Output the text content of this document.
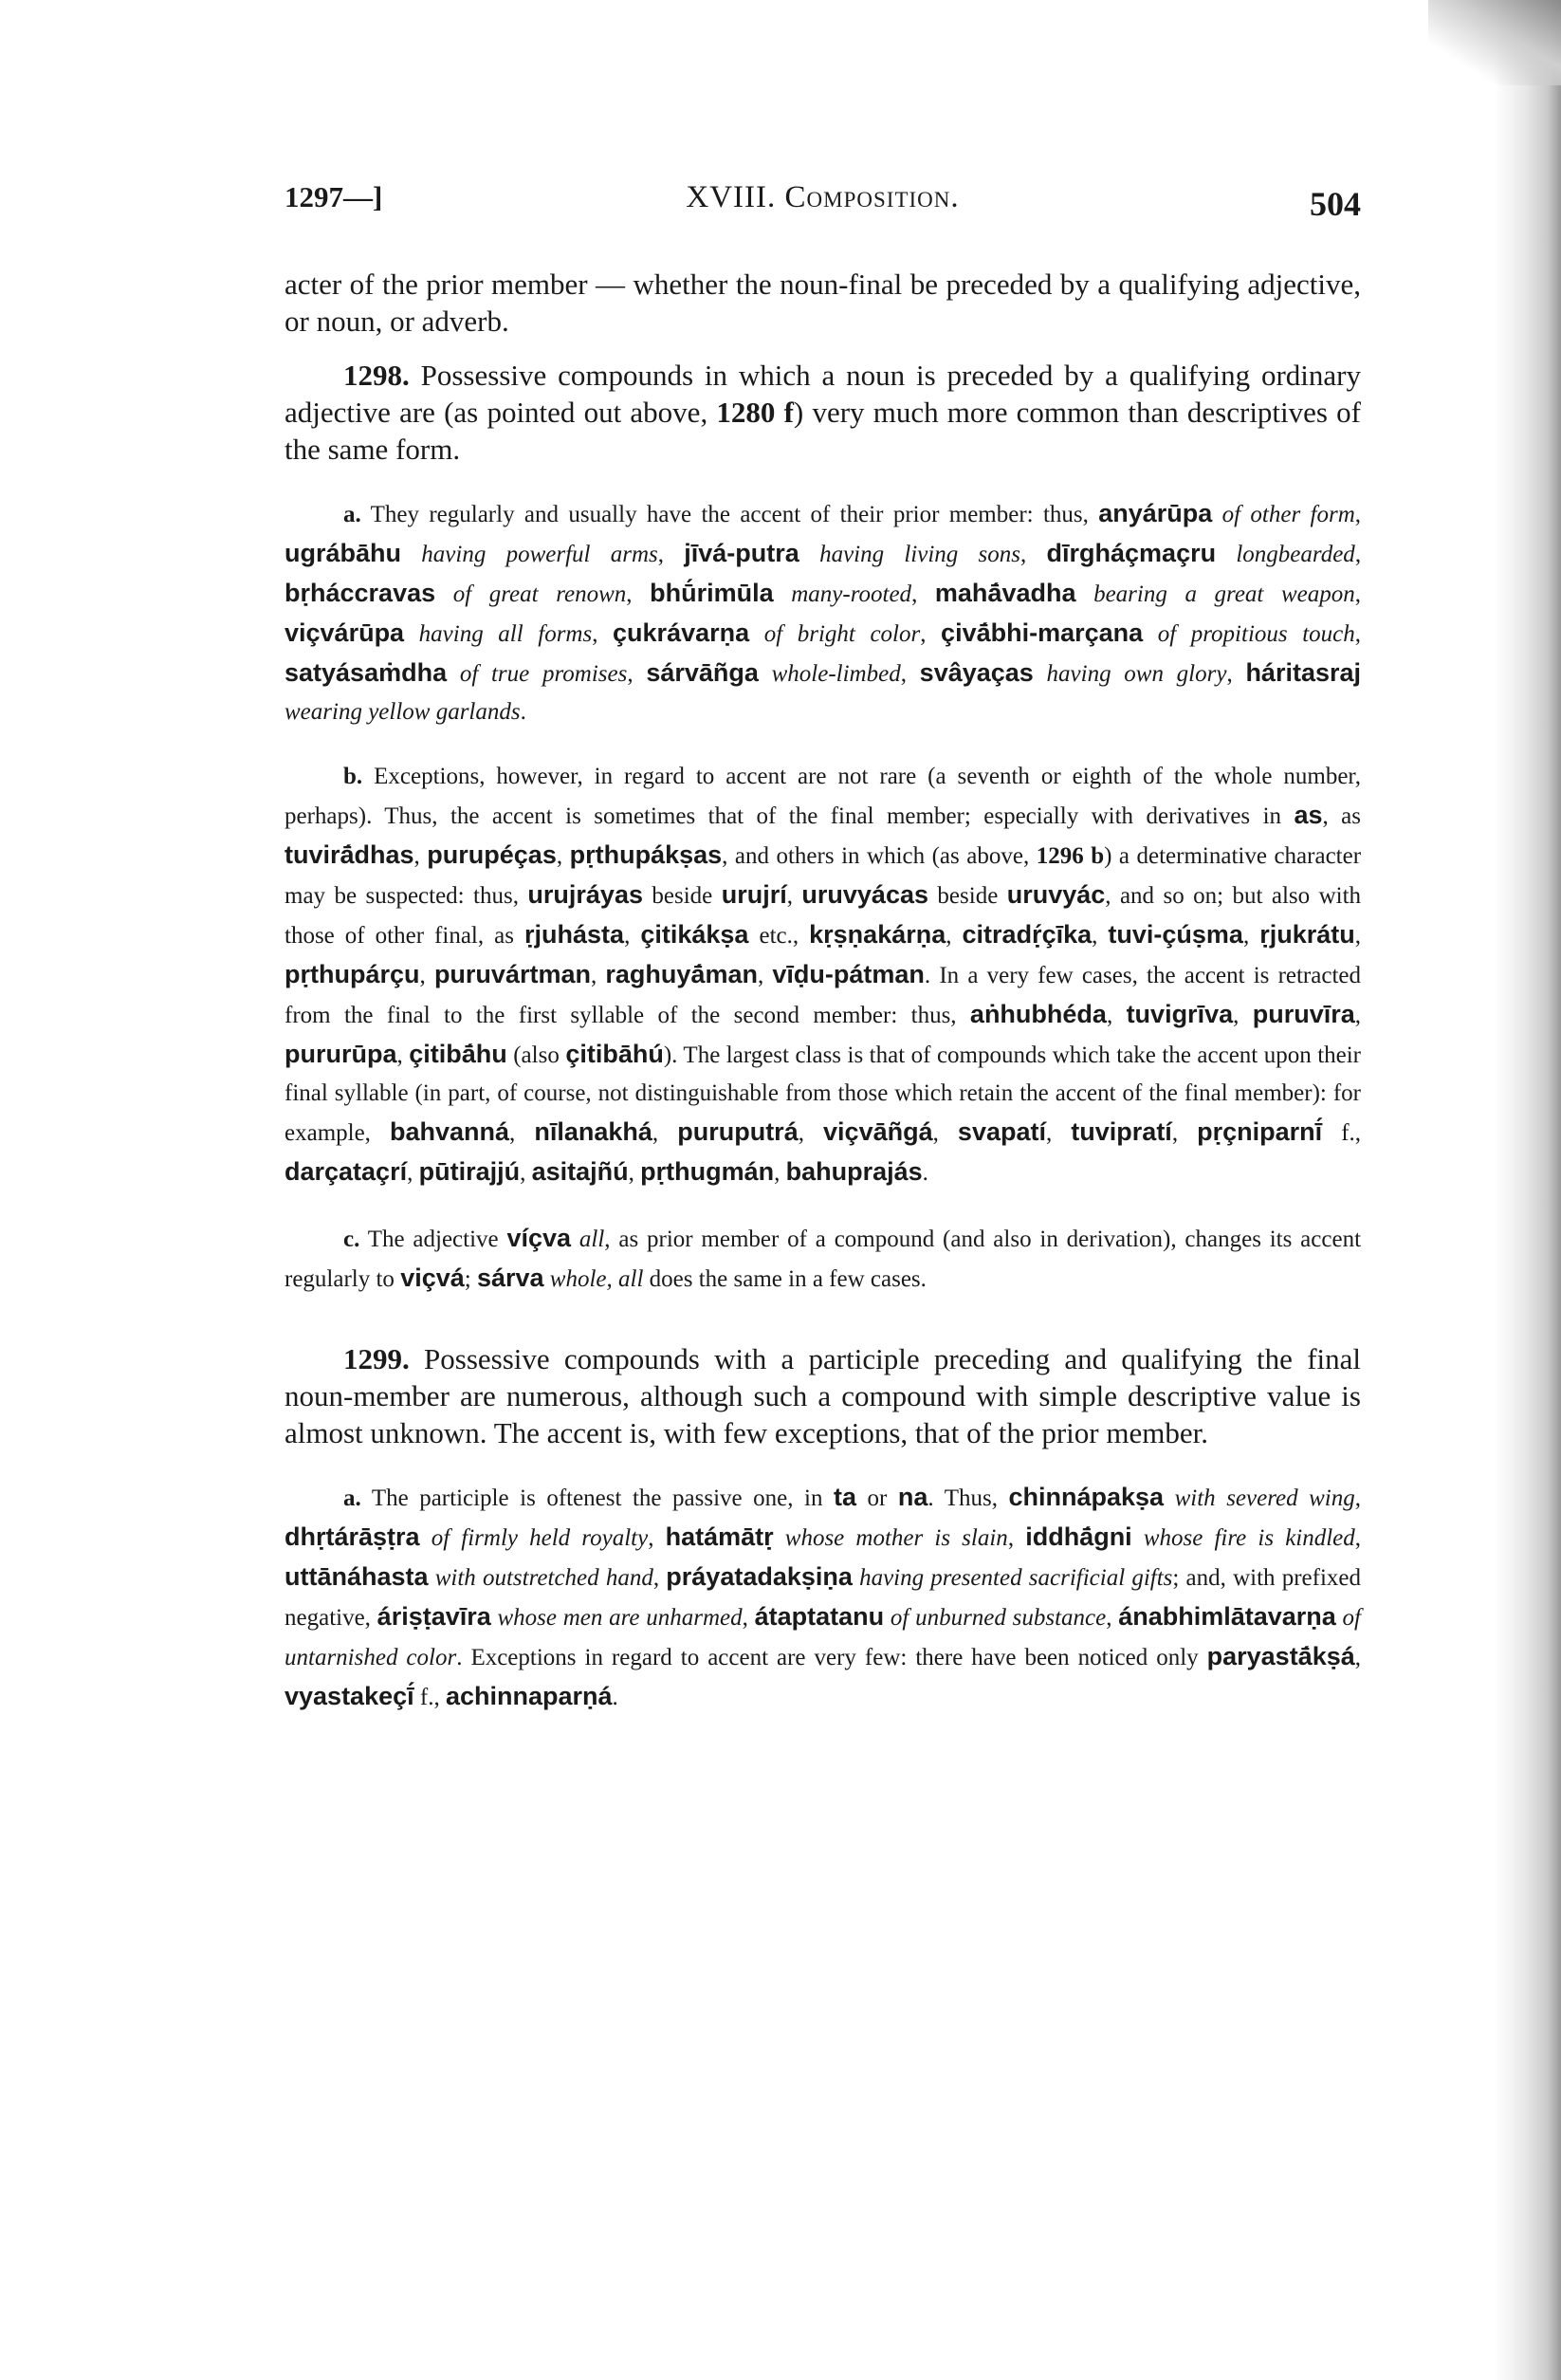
1297—]	XVIII. Composition.	504

acter of the prior member — whether the noun-final be preceded by a qualifying adjective, or noun, or adverb.

1298. Possessive compounds in which a noun is preceded by a qualifying ordinary adjective are (as pointed out above, 1280 f) very much more common than descriptives of the same form.

a. They regularly and usually have the accent of their prior member: thus, anyárūpa of other form, ugrábāhu having powerful arms, jīvá-putra having living sons, dīrgháçmaçru longbearded, bṛháccravas of great renown, bhū́rimūla many-rooted, mahā́vadha bearing a great weapon, viçvárūpa having all forms, çukrávarṇa of bright color, çivā́bhi-marçana of propitious touch, satyásaṁdha of true promises, sárvāñga whole-limbed, svâyaças having own glory, háritasraj wearing yellow garlands.

b. Exceptions, however, in regard to accent are not rare (a seventh or eighth of the whole number, perhaps). Thus, the accent is sometimes that of the final member; especially with derivatives in as, as tuvirā́dhas, purupéças, pṛthupákṣas, and others in which (as above, 1296 b) a determinative character may be suspected: thus, urujráyas beside urujrí, uruvyácas beside uruvyác, and so on; but also with those of other final, as ṛjuhásta, çitikákṣa etc., kṛṣṇakárṇa, citradṛ́çīka, tuvi-çúṣma, ṛjukrátu, pṛthupárçu, puruvártman, raghuyā́man, vīḍu-pátman. In a very few cases, the accent is retracted from the final to the first syllable of the second member: thus, aṅhubhéda, tuvigrīva, puruvīra, pururūpa, çitibā́hu (also çitibāhú). The largest class is that of compounds which take the accent upon their final syllable (in part, of course, not distinguishable from those which retain the accent of the final member): for example, bahvanná, nīlanakhá, puruputrá, viçvāñgá, svapatí, tuvipratí, pṛçniparnī́ f., darçataçrí, pūtirajjú, asitajñú, pṛthugmán, bahuprajás.

c. The adjective víçva all, as prior member of a compound (and also in derivation), changes its accent regularly to viçvá; sárva whole, all does the same in a few cases.

1299. Possessive compounds with a participle preceding and qualifying the final noun-member are numerous, although such a compound with simple descriptive value is almost unknown. The accent is, with few exceptions, that of the prior member.

a. The participle is oftenest the passive one, in ta or na. Thus, chinnápakṣa with severed wing, dhṛtárāṣṭra of firmly held royalty, hatámātṛ whose mother is slain, iddhā́gni whose fire is kindled, uttānáhasta with outstretched hand, práyatadakṣiṇa having presented sacrificial gifts; and, with prefixed negative, áriṣṭavīra whose men are unharmed, átaptatanu of unburned substance, ánabhimlātavarṇa of untarnished color. Exceptions in regard to accent are very few: there have been noticed only paryastā́kṣá, vyastakeçī́ f., achinnaparṇá.
